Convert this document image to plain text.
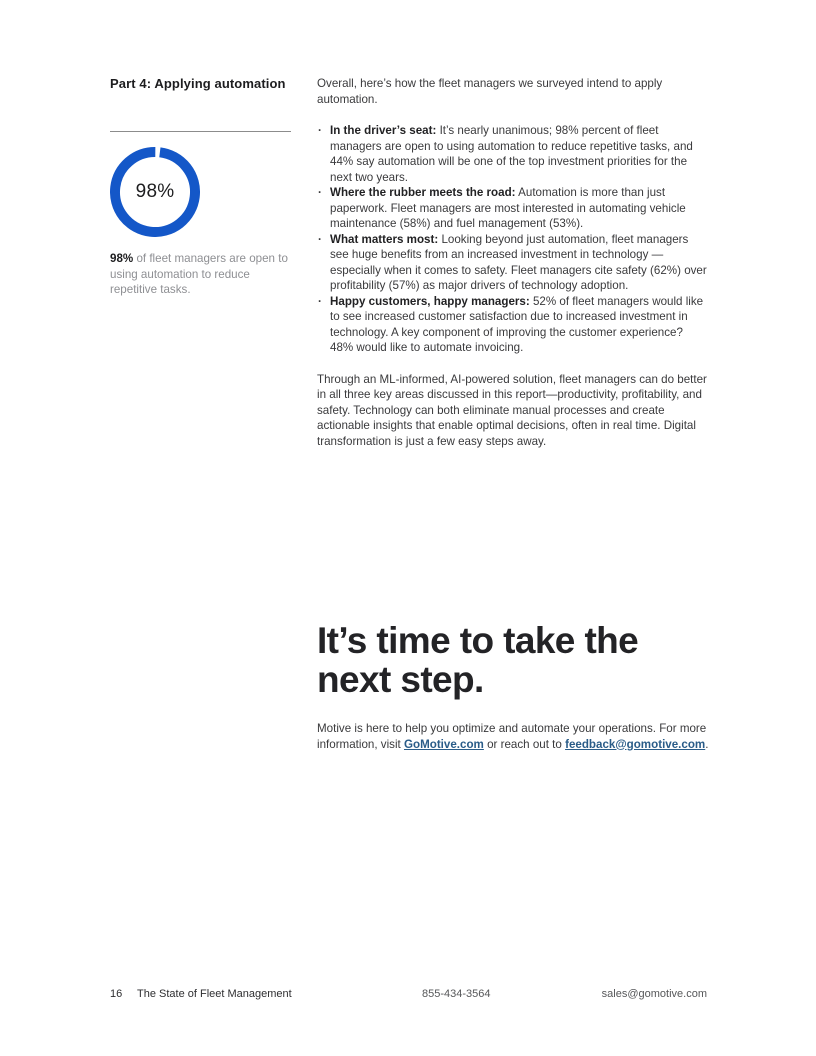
Part 4: Applying automation
98%

98% of fleet managers are open to using automation to reduce repetitive tasks.

Overall, here’s how the fleet managers we surveyed intend to apply automation.

· In the driver’s seat: It’s nearly unanimous; 98% percent of fleet managers are open to using automation to reduce repetitive tasks, and 44% say automation will be one of the top investment priorities for the next two years.
· Where the rubber meets the road: Automation is more than just paperwork. Fleet managers are most interested in automating vehicle maintenance (58%) and fuel management (53%).
· What matters most: Looking beyond just automation, fleet managers see huge benefits from an increased investment in technology — especially when it comes to safety. Fleet managers cite safety (62%) over profitability (57%) as major drivers of technology adoption.
· Happy customers, happy managers: 52% of fleet managers would like to see increased customer satisfaction due to increased investment in technology. A key component of improving the customer experience? 48% would like to automate invoicing.

Through an ML-informed, AI-powered solution, fleet managers can do better in all three key areas discussed in this report—productivity, profitability, and safety. Technology can both eliminate manual processes and create actionable insights that enable optimal decisions, often in real time. Digital transformation is just a few easy steps away.

It’s time to take the
next step.

Motive is here to help you optimize and automate your operations. For more information, visit GoMotive.com or reach out to feedback@gomotive.com.

16 The State of Fleet Management	855-434-3564	sales@gomotive.com
